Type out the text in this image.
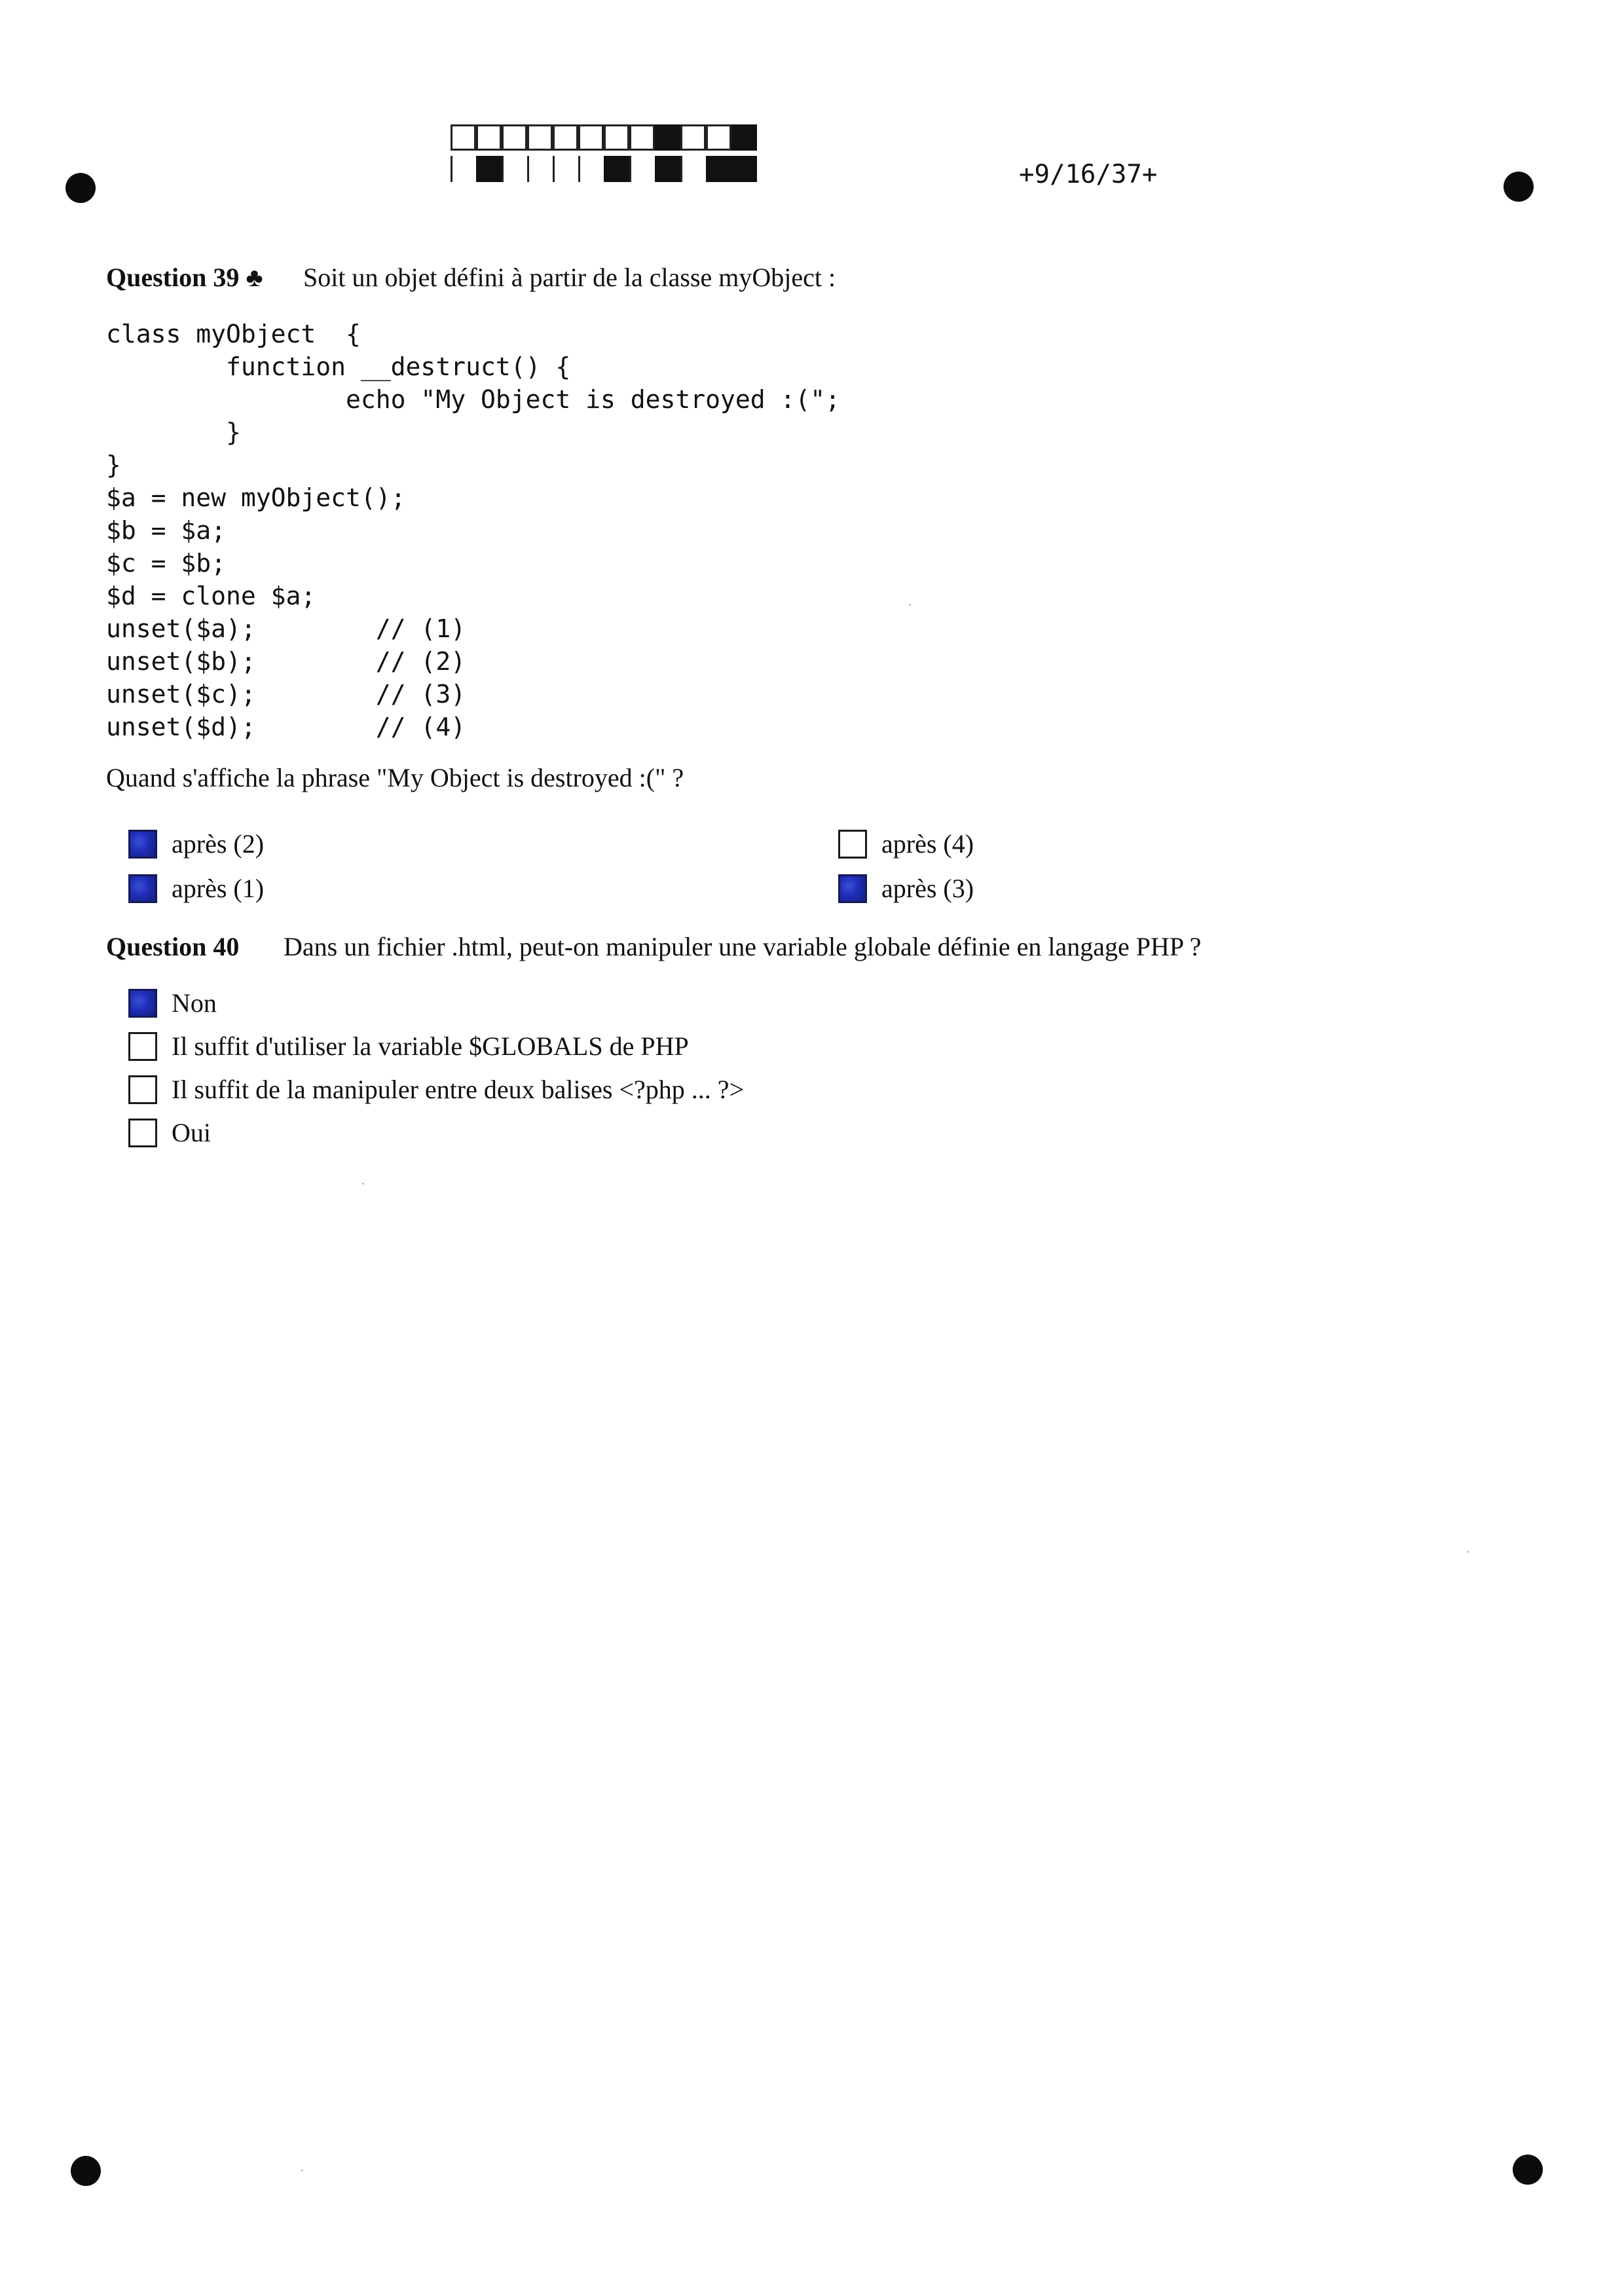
+9/16/37+
Question 39 ♣ Soit un objet défini à partir de la classe myObject :
class myObject  {
function __destruct() {
echo "My Object is destroyed :(";
}
}
$a = new myObject();
$b = $a;
$c = $b;
$d = clone $a;
unset($a);        // (1)
unset($b);        // (2)
unset($c);        // (3)
unset($d);        // (4)
Quand s'affiche la phrase "My Object is destroyed :(" ?
après (2)
après (1)
après (4)
après (3)
Question 40 Dans un fichier .html, peut-on manipuler une variable globale définie en langage PHP ?
Non
Il suffit d'utiliser la variable $GLOBALS de PHP
Il suffit de la manipuler entre deux balises <?php ... ?>
Oui
